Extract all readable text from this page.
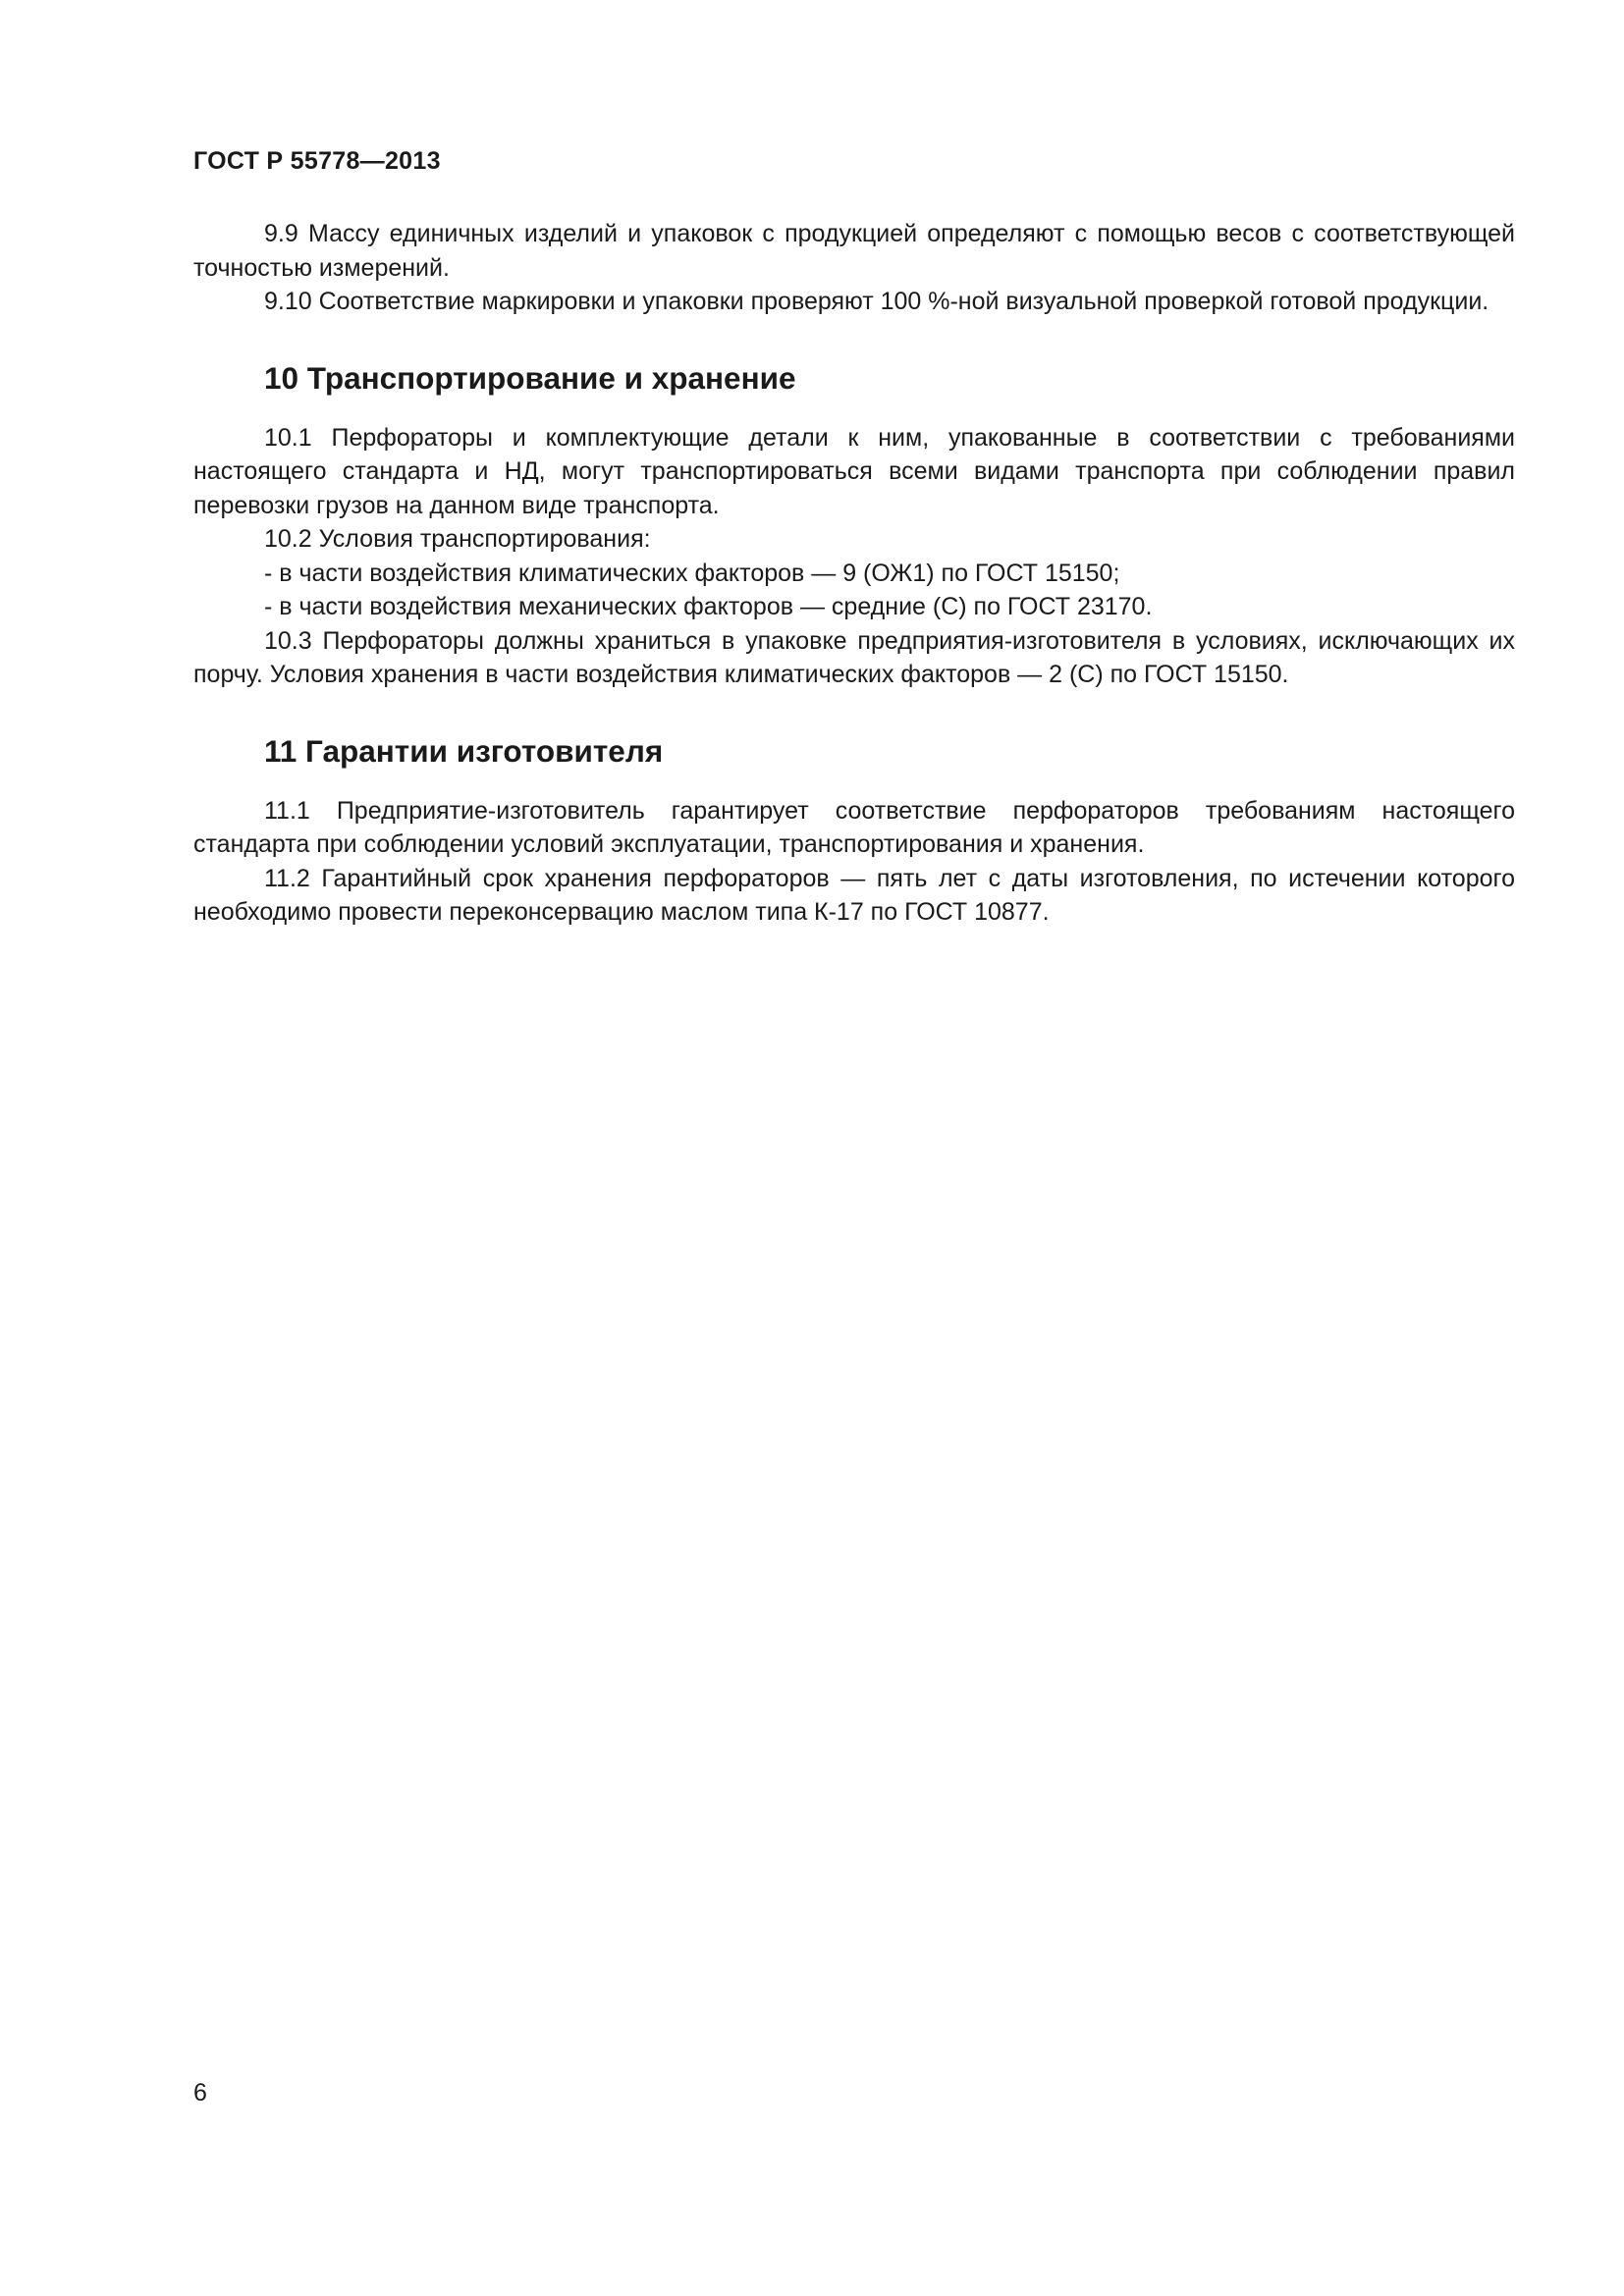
ГОСТ Р 55778—2013

9.9 Массу единичных изделий и упаковок с продукцией определяют с помощью весов с соответствующей точностью измерений.

9.10 Соответствие маркировки и упаковки проверяют 100 %-ной визуальной проверкой готовой продукции.

10 Транспортирование и хранение

10.1 Перфораторы и комплектующие детали к ним, упакованные в соответствии с требованиями настоящего стандарта и НД, могут транспортироваться всеми видами транспорта при соблюдении правил перевозки грузов на данном виде транспорта.

10.2 Условия транспортирования:

- в части воздействия климатических факторов — 9 (ОЖ1) по ГОСТ 15150;

- в части воздействия механических факторов — средние (С) по ГОСТ 23170.

10.3 Перфораторы должны храниться в упаковке предприятия-изготовителя в условиях, исключающих их порчу. Условия хранения в части воздействия климатических факторов — 2 (С) по ГОСТ 15150.

11 Гарантии изготовителя

11.1 Предприятие-изготовитель гарантирует соответствие перфораторов требованиям настоящего стандарта при соблюдении условий эксплуатации, транспортирования и хранения.

11.2 Гарантийный срок хранения перфораторов — пять лет с даты изготовления, по истечении которого необходимо провести переконсервацию маслом типа К-17 по ГОСТ 10877.

6
